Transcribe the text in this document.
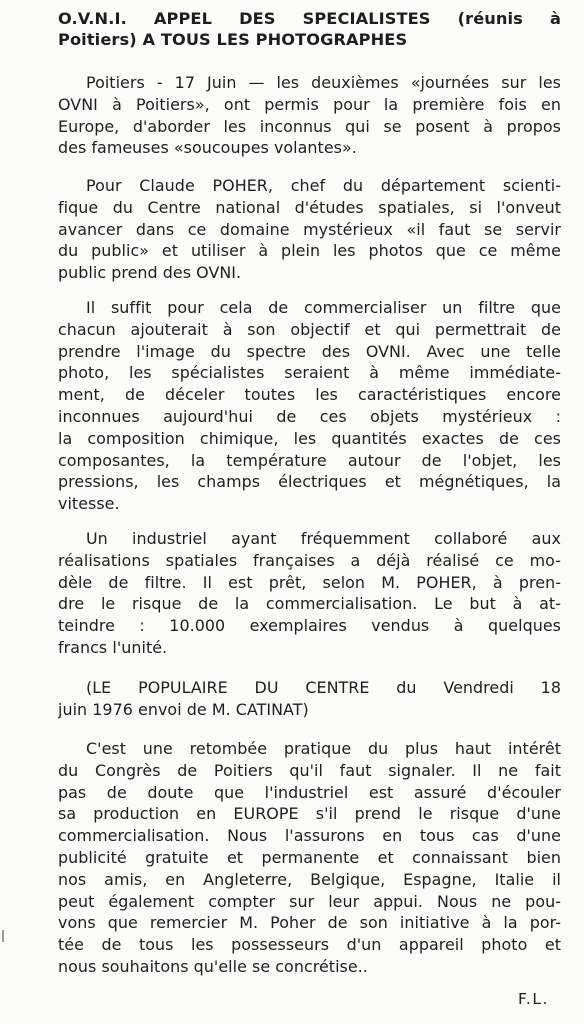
O.V.N.I. APPEL DES SPECIALISTES (réunis à
Poitiers) A TOUS LES PHOTOGRAPHES
Poitiers - 17 Juin — les deuxièmes «journées sur les
OVNI à Poitiers», ont permis pour la première fois en
Europe, d'aborder les inconnus qui se posent à propos
des fameuses «soucoupes volantes».
Pour Claude POHER, chef du département scienti-
fique du Centre national d'études spatiales, si l'onveut
avancer dans ce domaine mystérieux «il faut se servir
du public» et utiliser à plein les photos que ce même
public prend des OVNI.
Il suffit pour cela de commercialiser un filtre que
chacun ajouterait à son objectif et qui permettrait de
prendre l'image du spectre des OVNI. Avec une telle
photo, les spécialistes seraient à même immédiate-
ment, de déceler toutes les caractéristiques encore
inconnues aujourd'hui de ces objets mystérieux :
la composition chimique, les quantités exactes de ces
composantes, la température autour de l'objet, les
pressions, les champs électriques et mégnétiques, la
vitesse.
Un industriel ayant fréquemment collaboré aux
réalisations spatiales françaises a déjà réalisé ce mo-
dèle de filtre. Il est prêt, selon M. POHER, à pren-
dre le risque de la commercialisation. Le but à at-
teindre : 10.000 exemplaires vendus à quelques
francs l'unité.
(LE POPULAIRE DU CENTRE du Vendredi 18
juin 1976 envoi de M. CATINAT)
C'est une retombée pratique du plus haut intérêt
du Congrès de Poitiers qu'il faut signaler. Il ne fait
pas de doute que l'industriel est assuré d'écouler
sa production en EUROPE s'il prend le risque d'une
commercialisation. Nous l'assurons en tous cas d'une
publicité gratuite et permanente et connaissant bien
nos amis, en Angleterre, Belgique, Espagne, Italie il
peut également compter sur leur appui. Nous ne pou-
vons que remercier M. Poher de son initiative à la por-
tée de tous les possesseurs d'un appareil photo et
nous souhaitons qu'elle se concrétise..
F.L.
